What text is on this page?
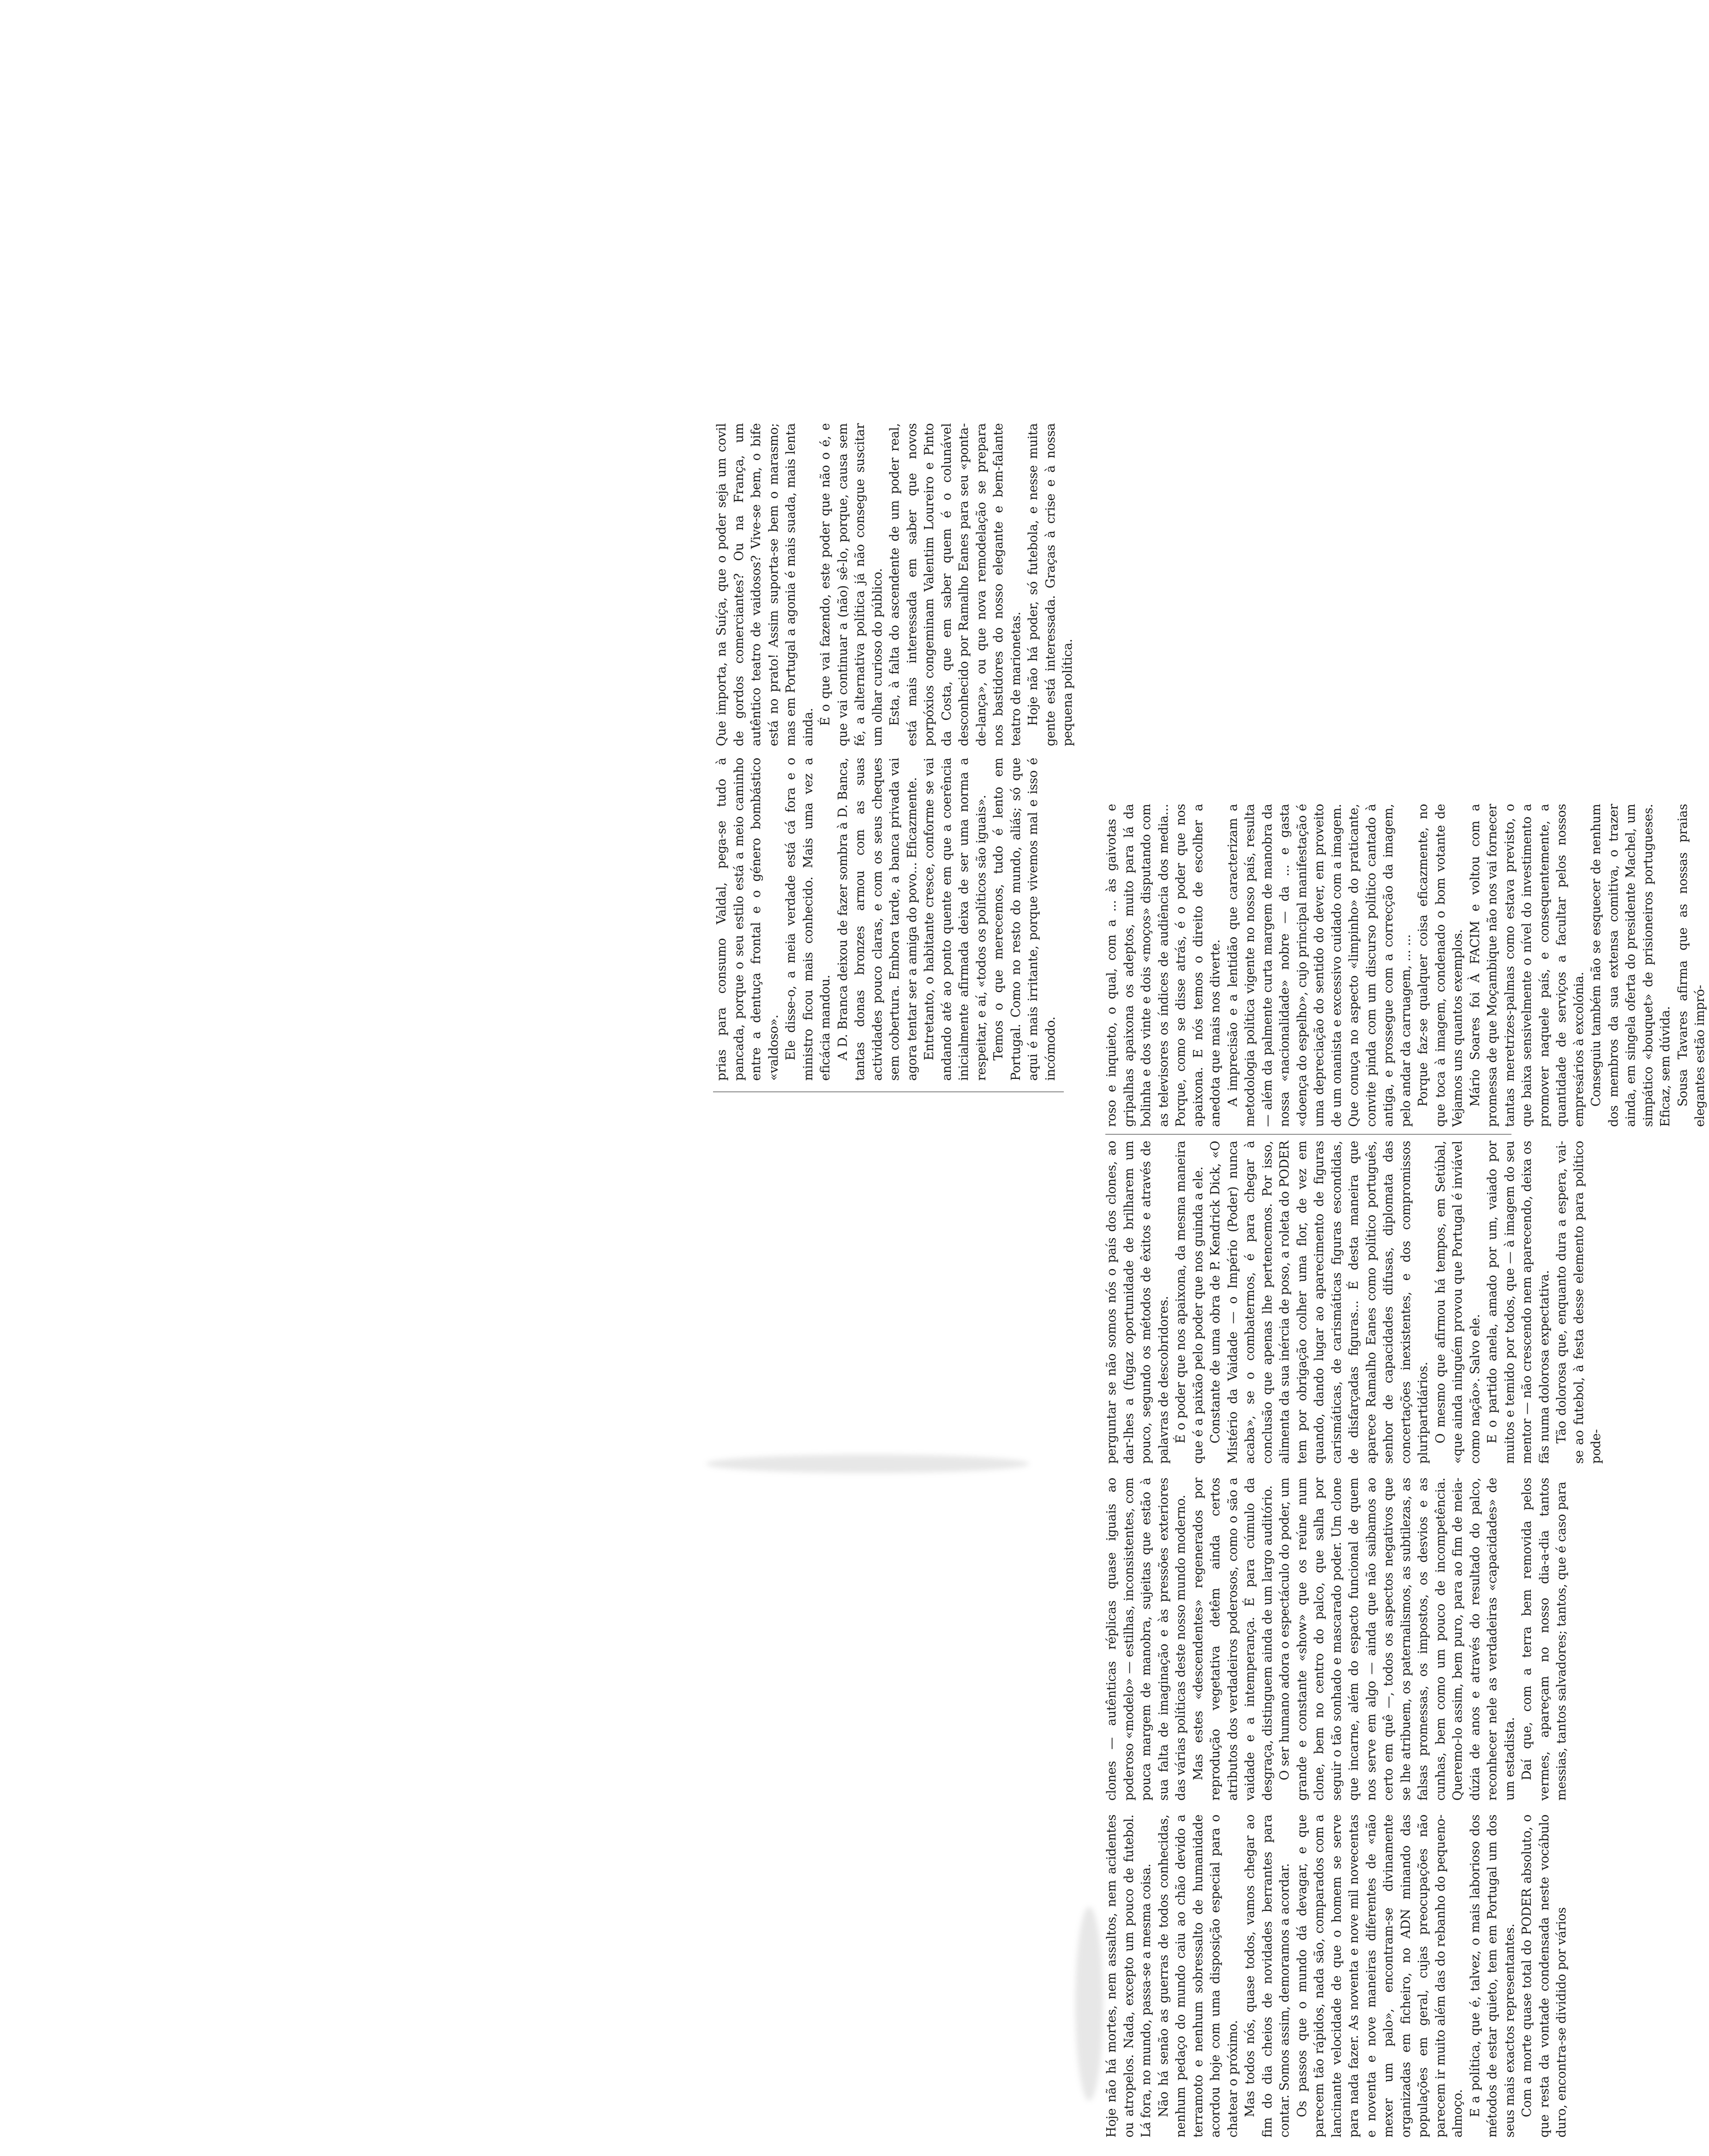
Hoje não há mortes, nem assaltos, nem acidentes ou atropelos. Nada, excepto um pouco de futebol. Lá fora, no mundo, passa-se a mesma coisa. Não há senão as guerras de todos conhecidas, nenhum pedaço do mundo caiu ao chão devido a terramoto e nenhum sobressalto de humanidade acordou hoje com uma disposição especial para o chatear o próximo. Mas todos nós, quase todos, vamos chegar ao fim do dia cheios de novidades berrantes para contar. Somos assim, demoramos a acordar. Os passos que o mundo dá devagar, e que parecem tão rápidos, nada são, comparados com a lancinante velocidade de que o homem se serve para nada fazer. As noventa e nove mil novecentas e noventa e nove maneiras diferentes de «não mexer um palo», encontram-se divinamente organizadas em ficheiro, no ADN minando das populações em geral, cujas preocupações não parecem ir muito além das do rebanho do pequeno-almoço. E a política, que é, talvez, o mais laborioso dos métodos de estar quieto, tem em Portugal um dos seus mais exactos representantes. Com a morte quase total do PODER absoluto, o que resta da vontade condensada neste vocábulo duro, encontra-se dividido por vários

clones — autênticas réplicas quase iguais ao poderoso «modelo» — estilhas, inconsistentes, com pouca margem de manobra, sujeitas que estão à sua falta de imaginação e às pressões exteriores das várias políticas deste nosso mundo moderno. Mas estes «descendentes» regenerados por reprodução vegetativa detêm ainda certos atributos dos verdadeiros poderosos, como o são a vaidade e a intemperança. É para cúmulo da desgraça, distinguem ainda de um largo auditório. O ser humano adora o espectáculo do poder, um grande e constante «show» que os reúne num clone, bem no centro do palco, que salha por seguir o tão sonhado e mascarado poder. Um clone que incarne, além do espacto funcional de quem nos serve em algo — ainda que não saibamos ao certo em quê —, todos os aspectos negativos que se lhe atribuem, os paternalismos, as subtilezas, as falsas promessas, os impostos, os desvios e as cunhas, bem como um pouco de incompetência. Queremo-lo assim, bem puro, para ao fim de meia-dúzia de anos e através do resultado do palco, reconhecer nele as verdadeiras «capacidades» de um estadista. Daí que, com a terra bem removida pelos vermes, apareçam no nosso dia-a-dia tantos messias, tantos salvadores; tantos, que é caso para

perguntar se não somos nós o país dos clones, ao dar-lhes a (fugaz oportunidade de brilharem um pouco, segundo os métodos de êxitos e através de palavras de descobridores. É o poder que nos apaixona, da mesma maneira que é a paixão pelo poder que nos guinda a ele. Constante de uma obra de P. Kendrick Dick, «O Mistério da Vaidade — o Império (Poder) nunca acaba», se o combatermos, é para chegar à conclusão que apenas lhe pertencemos. Por isso, alimenta da sua inércia de poso, a roleta do PODER tem por obrigação colher uma flor, de vez em quando, dando lugar ao aparecimento de figuras carismáticas, de carismáticas figuras escondidas, de disfarçadas figuras... É desta maneira que aparece Ramalho Eanes como político português, senhor de capacidades difusas, diplomata das concertações inexistentes, e dos compromissos pluripartidários. O mesmo que afirmou há tempos, em Setúbal, «que ainda ninguém provou que Portugal é inviável como nação». Salvo ele. E o partido anela, amado por um, vaiado por muitos e temido por todos, que — à imagem do seu mentor — não crescendo nem aparecendo, deixa os fãs numa dolorosa expectativa. Tão dolorosa que, enquanto dura a espera, vai-se ao futebol, à festa desse elemento para político pode-

roso e inquieto, o qual, com a ... às gaivotas e gripalhas apaixona os adeptos, muito para lá da bolinha e dos vinte e dois «moços» disputando com as televisores os índices de audiência dos media... Porque, como se disse atrás, é o poder que nos apaixona. E nós temos o direito de escolher a anedota que mais nos diverte. A imprecisão e a lentidão que caracterizam a metodologia política vigente no nosso país, resulta — além da palmente curta margem de manobra da nossa «nacionalidade» nobre — da ... e gasta «doença do espelho», cujo principal manifestação é uma depreciação do sentido do dever, em proveito de um onanista e excessivo cuidado com a imagem. Que conuça no aspecto «limpinho» do praticante, convite pinda com um discurso político cantado à antiga, e prossegue com a correcção da imagem, pelo andar da carruagem, ... ... Porque faz-se qualquer coisa eficazmente, no que toca à imagem, condenado o bom votante de Vejamos uns quantos exemplos. Mário Soares foi À FACIM e voltou com a promessa de que Moçambique não nos vai fornecer tantas meretrizes-palmas como estava previsto, o que baixa sensivelmente o nível do investimento a promover naquele país, e consequentemente, a quantidade de serviços a facultar pelos nossos empresários à excolónia. Conseguiu também não se esquecer de nenhum dos membros da sua extensa comitiva, o trazer ainda, em singela oferta do presidente Machel, um simpático «bouquet» de prisioneiros portugueses. Eficaz, sem dúvida. Sousa Tavares afirma que as nossas praias elegantes estão impró-

prias para consumo Valdal, pega-se tudo à pancada, porque o seu estilo está a meio caminho entre a dentuça frontal e o género bombástico «valdoso». Ele disse-o, a meia verdade está cá fora e o ministro ficou mais conhecido. Mais uma vez a eficácia mandou. A D. Branca deixou de fazer sombra à D. Banca, tantas donas bronzes armou com as suas actividades pouco claras, e com os seus cheques sem cobertura. Embora tarde, a banca privada vai agora tentar ser a amiga do povo... Eficazmente. Entretanto, o habitante cresce, conforme se vai andando até ao ponto quente em que a coerência inicialmente afirmada deixa de ser uma norma a respeitar, e aí, «todos os políticos são iguais». Temos o que merecemos, tudo é lento em Portugal. Como no resto do mundo, aliás; só que aqui é mais irritante, porque vivemos mal e isso é incómodo.

Que importa, na Suíça, que o poder seja um covil de gordos comerciantes? Ou na França, um autêntico teatro de vaidosos? Vive-se bem, o bife está no prato! Assim suporta-se bem o marasmo; mas em Portugal a agonia é mais suada, mais lenta ainda.

É o que vai fazendo, este poder que não o é, e que vai continuar a (não) sê-lo, porque, causa sem fé, a alternativa política já não consegue suscitar um olhar curioso do público. Esta, à falta do ascendente de um poder real, está mais interessada em saber que novos porpóxios congeminam Valentim Loureiro e Pinto da Costa, que em saber quem é o colunável desconhecido por Ramalho Eanes para seu «ponta-de-lança», ou que nova remodelação se prepara nos bastidores do nosso elegante e bem-falante teatro de marionetas. Hoje não há poder, só futebola, e nesse muita gente está interessada. Graças à crise e à nossa pequena política.
